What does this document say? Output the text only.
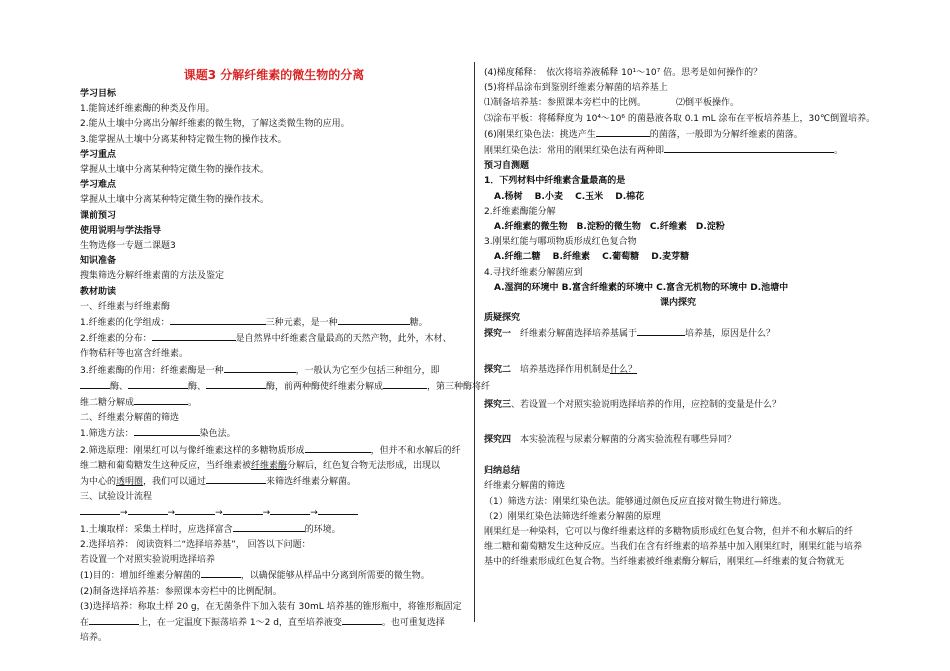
课题3 分解纤维素的微生物的分离
学习目标
1.能简述纤维素酶的种类及作用。
2.能从土壤中分离出分解纤维素的微生物，了解这类微生物的应用。
3.能掌握从土壤中分离某种特定微生物的操作技术。
学习重点
掌握从土壤中分离某种特定微生物的操作技术。
学习难点
掌握从土壤中分离某种特定微生物的操作技术。
课前预习
使用说明与学法指导
生物选修一专题二课题3
知识准备
搜集筛选分解纤维素菌的方法及鉴定
教材助读
一、纤维素与纤维素酶
1.纤维素的化学组成：	三种元素，是一种	糖。
2.纤维素的分布：	是自然界中纤维素含量最高的天然产物，此外，木材、
作物秸秆等也富含纤维素。
3.纤维素酶的作用：纤维素酶是一种	，一般认为它至少包括三种组分，即
酶、	酶、	酶，前两种酶使纤维素分解成	，第三种酶将纤
维二糖分解成	。
二、纤维素分解菌的筛选
1.筛选方法：	染色法。
2.筛选原理：刚果红可以与像纤维素这样的多糖物质形成	，但并不和水解后的纤
维二糖和葡萄糖发生这种反应，当纤维素被纤维素酶分解后，红色复合物无法形成，出现以
为中心的透明圈，我们可以通过	来筛选纤维素分解菌。
三、试验设计流程
→	→	→	→	→
1.土壤取样：采集土样时，应选择富含	的环境。
2.选择培养： 阅读资料二“选择培养基”， 回答以下问题：
若设置一个对照实验说明选择培养
(1)目的：增加纤维素分解菌的	，以确保能够从样品中分离到所需要的微生物。
(2)制备选择培养基：参照课本旁栏中的比例配制。
(3)选择培养：称取土样 20 g，在无菌条件下加入装有 30mL 培养基的锥形瓶中，将锥形瓶固定
在	上，在一定温度下振荡培养 1～2 d，直至培养液变	。也可重复选择
培养。
(4)梯度稀释：　依次将培养液稀释 10¹～10⁷ 倍。思考是如何操作的？
(5)将样品涂布到鉴别纤维素分解菌的培养基上
⑴制备培养基：参照课本旁栏中的比例。	⑵倒平板操作。
⑶涂布平板：将稀释度为 10⁴～10⁶ 的菌悬液各取 0.1 mL 涂布在平板培养基上，30℃倒置培养。
(6)刚果红染色法：挑选产生	的菌落，一般即为分解纤维素的菌落。
刚果红染色法：常用的刚果红染色法有两种即	。
预习自测题
1．下列材料中纤维素含量最高的是
A.杨树　 B.小麦　 C.玉米　 D.棉花
2.纤维素酶能分解
A.纤维素的微生物　B.淀粉的微生物　C.纤维素　D.淀粉
3.刚果红能与哪项物质形成红色复合物
A.纤维二糖　 B.纤维素　 C.葡萄糖　 D.麦芽糖
4.寻找纤维素分解菌应到
A.湿润的环境中 B.富含纤维素的环境中 C.富含无机物的环境中 D.池塘中
课内探究
质疑探究
探究一　纤维素分解菌选择培养基属于	培养基，原因是什么？
探究二　培养基选择作用机制是什么？
探究三、若设置一个对照实验说明选择培养的作用，应控制的变量是什么？
探究四　本实验流程与尿素分解菌的分离实验流程有哪些异同？
归纳总结
纤维素分解菌的筛选
（1）筛选方法：刚果红染色法。能够通过颜色反应直接对微生物进行筛选。
（2）刚果红染色法筛选纤维素分解菌的原理
刚果红是一种染料，它可以与像纤维素这样的多糖物质形成红色复合物，但并不和水解后的纤
维二糖和葡萄糖发生这种反应。当我们在含有纤维素的培养基中加入刚果红时，刚果红能与培养
基中的纤维素形成红色复合物。当纤维素被纤维素酶分解后，刚果红—纤维素的复合物就无
